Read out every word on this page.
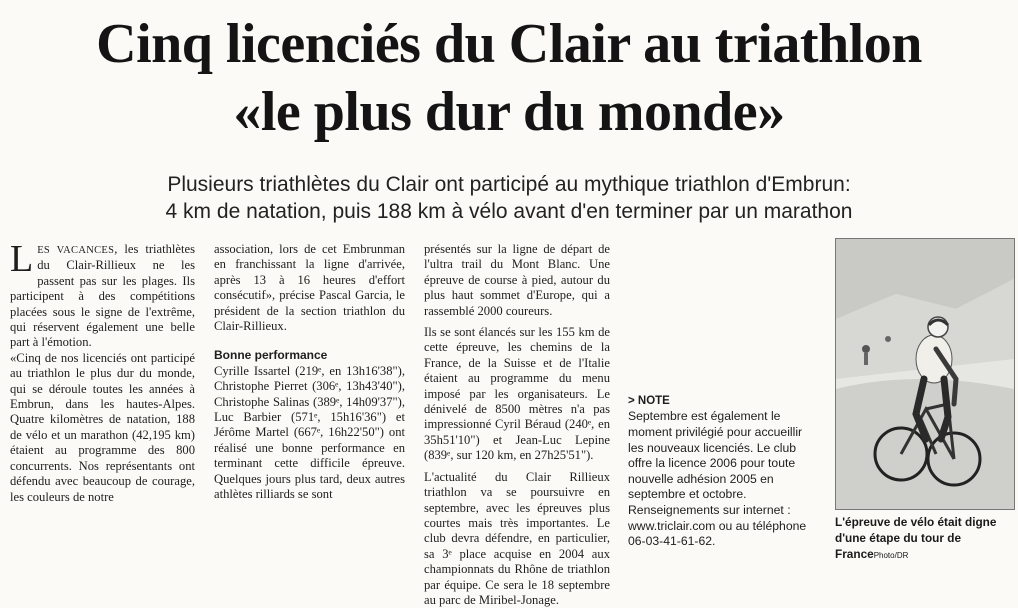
Cinq licenciés du Clair au triathlon
«le plus dur du monde»
Plusieurs triathlètes du Clair ont participé au mythique triathlon d'Embrun:
4 km de natation, puis 188 km à vélo avant d'en terminer par un marathon

LES VACANCES, les triathlètes du Clair-Rillieux ne les passent pas sur les plages. Ils participent à des compétitions placées sous le signe de l'extrême, qui réservent également une belle part à l'émotion.

«Cinq de nos licenciés ont participé au triathlon le plus dur du monde, qui se déroule toutes les années à Embrun, dans les hautes-Alpes. Quatre kilomètres de natation, 188 de vélo et un marathon (42,195 km) étaient au programme des 800 concurrents. Nos représentants ont défendu avec beaucoup de courage, les couleurs de notre

association, lors de cet Embrunman en franchissant la ligne d'arrivée, après 13 à 16 heures d'effort consécutif», précise Pascal Garcia, le président de la section triathlon du Clair-Rillieux.

Bonne performance

Cyrille Issartel (219ᵉ, en 13h16'38"), Christophe Pierret (306ᵉ, 13h43'40"), Christophe Salinas (389ᵉ, 14h09'37"), Luc Barbier (571ᵉ, 15h16'36") et Jérôme Martel (667ᵉ, 16h22'50") ont réalisé une bonne performance en terminant cette difficile épreuve. Quelques jours plus tard, deux autres athlètes rilliards se sont

présentés sur la ligne de départ de l'ultra trail du Mont Blanc. Une épreuve de course à pied, autour du plus haut sommet d'Europe, qui a rassemblé 2000 coureurs.

Ils se sont élancés sur les 155 km de cette épreuve, les chemins de la France, de la Suisse et de l'Italie étaient au programme du menu imposé par les organisateurs. Le dénivelé de 8500 mètres n'a pas impressionné Cyril Béraud (240ᵉ, en 35h51'10") et Jean-Luc Lepine (839ᵉ, sur 120 km, en 27h25'51").

L'actualité du Clair Rillieux triathlon va se poursuivre en septembre, avec les épreuves plus courtes mais très importantes. Le club devra défendre, en particulier, sa 3ᵉ place acquise en 2004 aux championnats du Rhône de triathlon par équipe. Ce sera le 18 septembre au parc de Miribel-Jonage.

> NOTE

Septembre est également le moment privilégié pour accueillir les nouveaux licenciés. Le club offre la licence 2006 pour toute nouvelle adhésion 2005 en septembre et octobre.

Renseignements sur internet : www.triclair.com ou au téléphone 06-03-41-61-62.

L'épreuve de vélo était digne d'une étape du tour de FrancePhoto/DR
